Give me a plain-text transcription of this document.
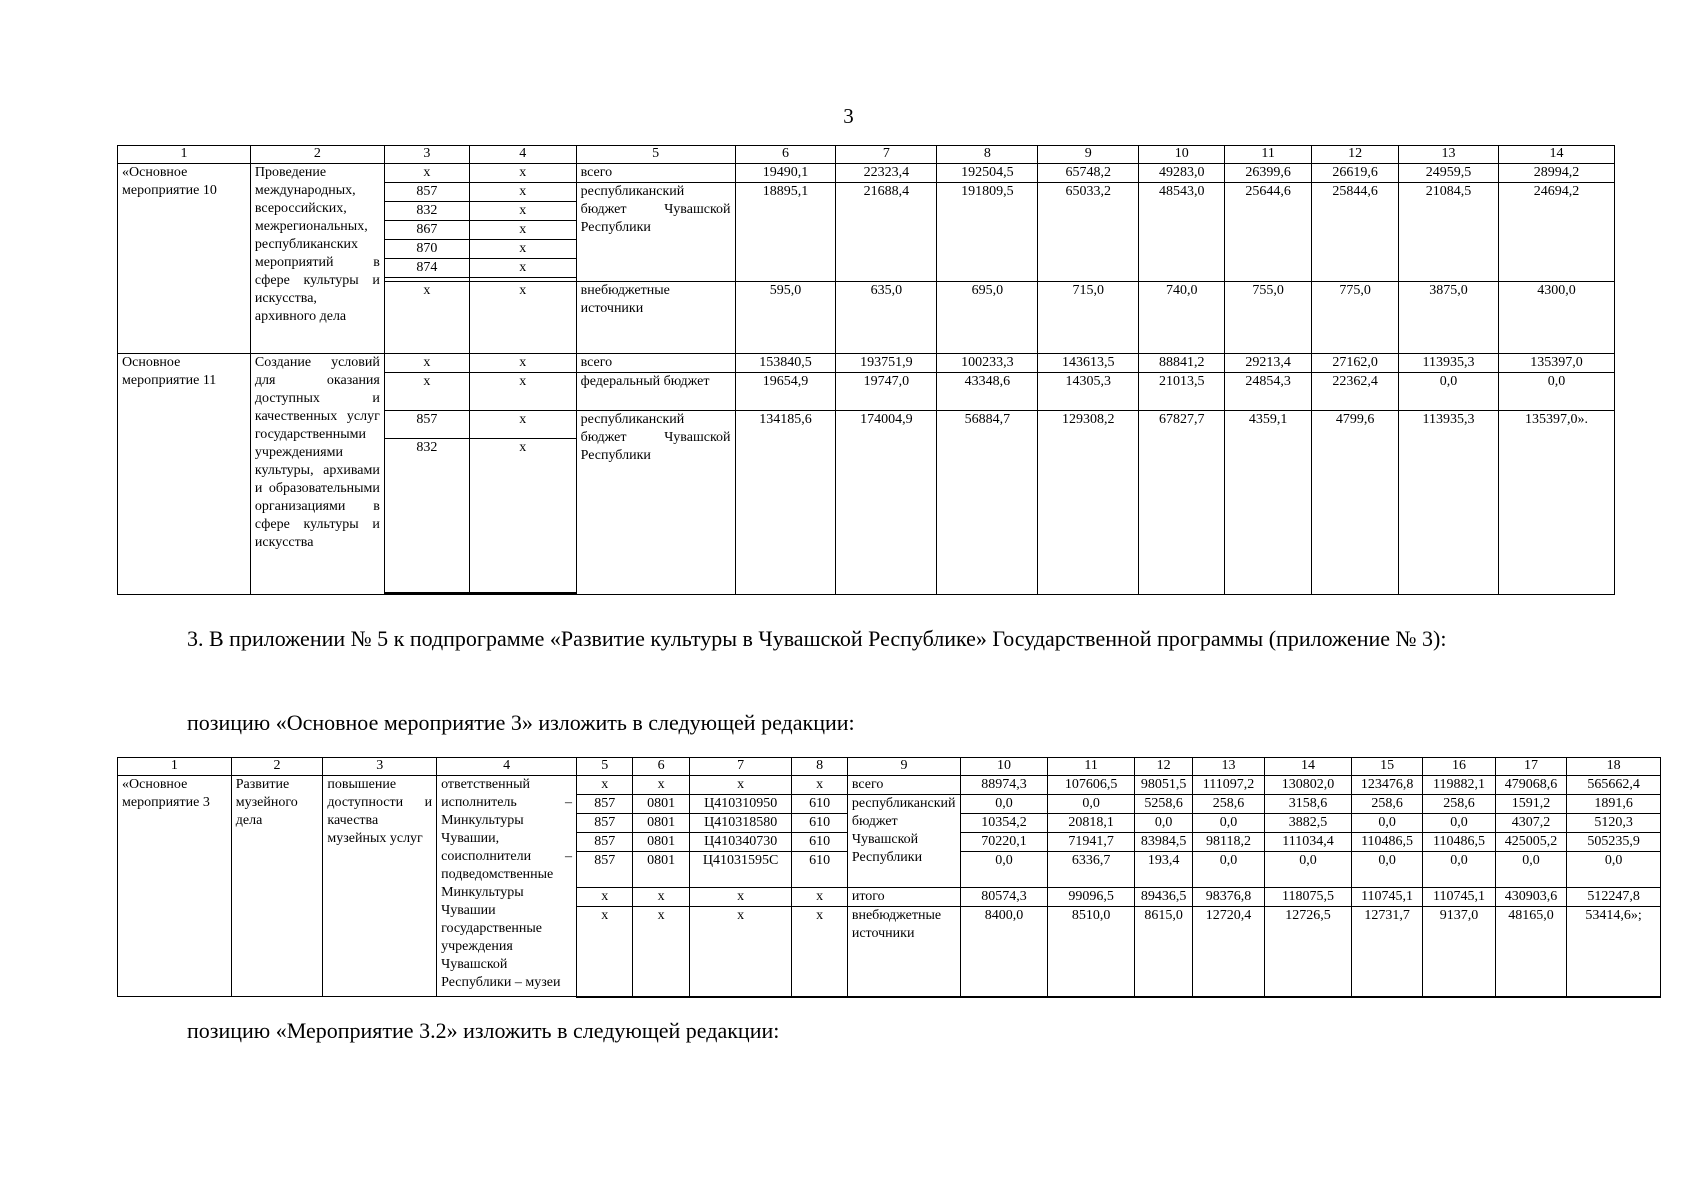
3
1	2	3	4	5	6	7	8	9	10	11	12	13	14
«Основное мероприятие 10	Проведение международных, всероссийских, межрегиональных, республиканских мероприятий в сфере культуры и искусства, архивного дела	x	x	всего	19490,1	22323,4	192504,5	65748,2	49283,0	26399,6	26619,6	24959,5	28994,2
		857	x	республиканский бюджет Чувашской Республики	18895,1	21688,4	191809,5	65033,2	48543,0	25644,6	25844,6	21084,5	24694,2
		832	x										
		867	x										
		870	x										
		874	x										

		x	x	внебюджетные источники	595,0	635,0	695,0	715,0	740,0	755,0	775,0	3875,0	4300,0
Основное мероприятие 11	Создание условий для оказания доступных и качественных услуг государственными учреждениями культуры, архивами и образовательными организациями в сфере культуры и искусства	x	x	всего	153840,5	193751,9	100233,3	143613,5	88841,2	29213,4	27162,0	113935,3	135397,0
		x	x	федеральный бюджет	19654,9	19747,0	43348,6	14305,3	21013,5	24854,3	22362,4	0,0	0,0
		857	x	республиканский бюджет Чувашской Республики	134185,6	174004,9	56884,7	129308,2	67827,7	4359,1	4799,6	113935,3	135397,0».
		832	x										

3. В приложении № 5 к подпрограмме «Развитие культуры в Чувашской Республике» Государственной программы (приложение № 3):
позицию «Основное мероприятие 3» изложить в следующей редакции:
1	2	3	4	5	6	7	8	9	10	11	12	13	14	15	16	17	18
«Основное мероприятие 3	Развитие музейного дела	повышение доступности и качества музейных услуг	ответственный исполнитель – Минкультуры Чувашии, соисполнители – подведомственные Минкультуры Чувашии государственные учреждения Чувашской Республики – музеи	x	x	x	x	всего	88974,3	107606,5	98051,5	111097,2	130802,0	123476,8	119882,1	479068,6	565662,4
				857	0801	Ц410310950	610	республиканский бюджет Чувашской Республики	0,0	0,0	5258,6	258,6	3158,6	258,6	258,6	1591,2	1891,6
				857	0801	Ц410318580	610		10354,2	20818,1	0,0	0,0	3882,5	0,0	0,0	4307,2	5120,3
				857	0801	Ц410340730	610		70220,1	71941,7	83984,5	98118,2	111034,4	110486,5	110486,5	425005,2	505235,9
				857	0801	Ц41031595С	610		0,0	6336,7	193,4	0,0	0,0	0,0	0,0	0,0	0,0
				x	x	x	x	итого	80574,3	99096,5	89436,5	98376,8	118075,5	110745,1	110745,1	430903,6	512247,8
				x	x	x	x	внебюджетные источники	8400,0	8510,0	8615,0	12720,4	12726,5	12731,7	9137,0	48165,0	53414,6»;
позицию «Мероприятие 3.2» изложить в следующей редакции:
